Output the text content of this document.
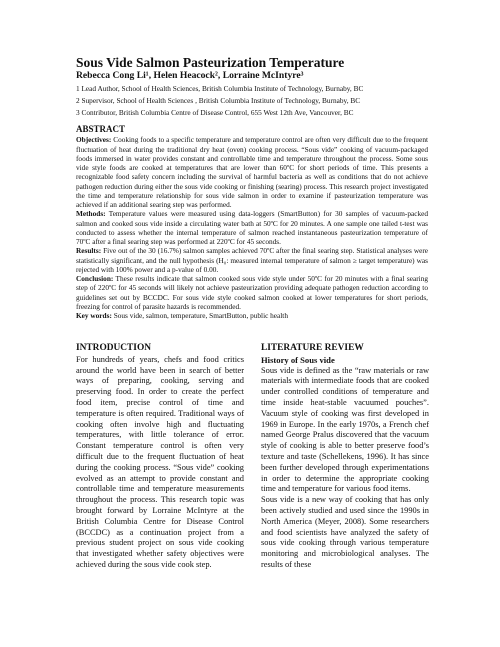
Sous Vide Salmon Pasteurization Temperature
Rebecca Cong Li¹, Helen Heacock², Lorraine McIntyre³
1 Lead Author, School of Health Sciences, British Columbia Institute of Technology, Burnaby, BC
2 Supervisor, School of Health Sciences , British Columbia Institute of Technology, Burnaby, BC
3 Contributor, British Columbia Centre of Disease Control, 655 West 12th Ave, Vancouver, BC
ABSTRACT

Objectives: Cooking foods to a specific temperature and temperature control are often very difficult due to the frequent fluctuation of heat during the traditional dry heat (oven) cooking process. “Sous vide” cooking of vacuum-packaged foods immersed in water provides constant and controllable time and temperature throughout the process. Some sous vide style foods are cooked at temperatures that are lower than 60ºC for short periods of time. This presents a recognizable food safety concern including the survival of harmful bacteria as well as conditions that do not achieve pathogen reduction during either the sous vide cooking or finishing (searing) process. This research project investigated the time and temperature relationship for sous vide salmon in order to examine if pasteurization temperature was achieved if an additional searing step was performed.

Methods: Temperature values were measured using data-loggers (SmartButton) for 30 samples of vacuum-packed salmon and cooked sous vide inside a circulating water bath at 50ºC for 20 minutes. A one sample one tailed t-test was conducted to assess whether the internal temperature of salmon reached instantaneous pasteurization temperature of 70ºC after a final searing step was performed at 220ºC for 45 seconds.

Results: Five out of the 30 (16.7%) salmon samples achieved 70ºC after the final searing step. Statistical analyses were statistically significant, and the null hypothesis (H₀: measured internal temperature of salmon ≥ target temperature) was rejected with 100% power and a p-value of 0.00.

Conclusion: These results indicate that salmon cooked sous vide style under 50ºC for 20 minutes with a final searing step of 220ºC for 45 seconds will likely not achieve pasteurization providing adequate pathogen reduction according to guidelines set out by BCCDC. For sous vide style cooked salmon cooked at lower temperatures for short periods, freezing for control of parasite hazards is recommended.

Key words: Sous vide, salmon, temperature, SmartButton, public health

INTRODUCTION

For hundreds of years, chefs and food critics around the world have been in search of better ways of preparing, cooking, serving and preserving food. In order to create the perfect food item, precise control of time and temperature is often required. Traditional ways of cooking often involve high and fluctuating temperatures, with little tolerance of error. Constant temperature control is often very difficult due to the frequent fluctuation of heat during the cooking process. “Sous vide” cooking evolved as an attempt to provide constant and controllable time and temperature measurements throughout the process. This research topic was brought forward by Lorraine McIntyre at the British Columbia Centre for Disease Control (BCCDC) as a continuation project from a previous student project on sous vide cooking that investigated whether safety objectives were achieved during the sous vide cook step.

LITERATURE REVIEW
History of Sous vide

Sous vide is defined as the “raw materials or raw materials with intermediate foods that are cooked under controlled conditions of temperature and time inside heat-stable vacuumed pouches”. Vacuum style of cooking was first developed in 1969 in Europe. In the early 1970s, a French chef named George Pralus discovered that the vacuum style of cooking is able to better preserve food’s texture and taste (Schellekens, 1996). It has since been further developed through experimentations in order to determine the appropriate cooking time and temperature for various food items.

Sous vide is a new way of cooking that has only been actively studied and used since the 1990s in North America (Meyer, 2008). Some researchers and food scientists have analyzed the safety of sous vide cooking through various temperature monitoring and microbiological analyses. The results of these
